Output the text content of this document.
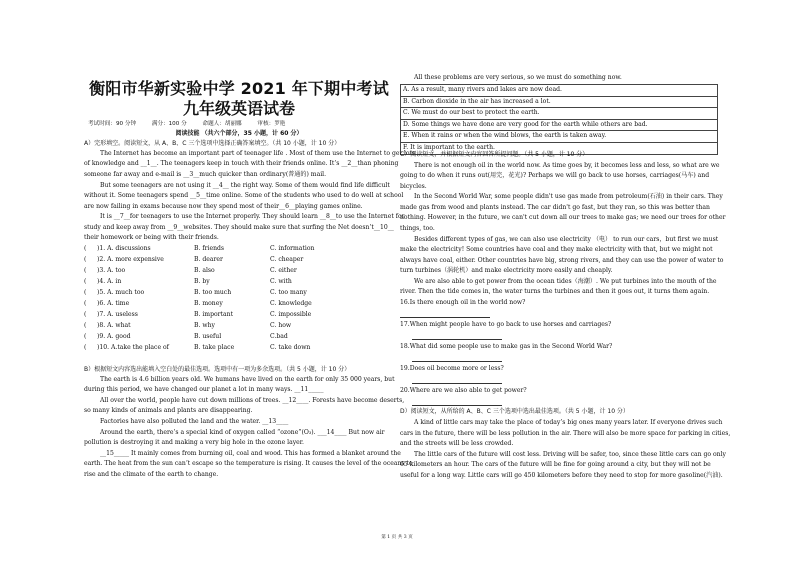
衡阳市华新实验中学 2021 年下期中考试
九年级英语试卷
考试时间：90 分钟	满分：100 分	命题人：胡丽娜	审核：罗艳
阅读技能 （共六个部分，35 小题，计 60 分）
A）完形填空。阅读短文，从 A、B、C 三个选项中选择正确答案填空。（共 10 小题，计 10 分）
The Internet has become an important part of teenager life . Most of them use the Internet to get lots
of knowledge and __1__. The teenagers keep in touch with their friends online. It’s __2__than phoning
someone far away and e-mail is __3__much quicker than ordinary(普通的) mail.
But some teenagers are not using it __4__ the right way. Some of them would find life difficult
without it. Some teenagers spend __5__time online. Some of the students who used to do well at school
are now failing in exams because now they spend most of their__6__playing games online.
It is __7__for teenagers to use the Internet properly. They should learn __8__to use the Internet for
study and keep away from __9__websites. They should make sure that surfing the Net doesn’t__10__
their homework or being with their friends.
( )1. A. discussions	B. friends	C. information
( )2. A. more expensive	B. dearer	C. cheaper
( )3. A. too	B. also	C. either
( )4. A. in	B. by	C. with
( )5. A. much too	B. too much	C. too many
( )6. A. time	B. money	C. knowledge
( )7. A. useless	B. important	C. impossible
( )8. A. what	B. why	C. how
( )9. A. good	B. useful	C.bad
( )10. A.take the place of	B. take place	C. take down
B）根据短文内容选出能填入空白处的最佳选项。选项中有一项为多余选项。（共 5 小题，计 10 分）
The earth is 4.6 billion years old. We humans have lived on the earth for only 35 000 years, but
during this period, we have changed our planet a lot in many ways. __11_____
All over the world, people have cut down millions of trees. __12____. Forests have become deserts,
so many kinds of animals and plants are disappearing.
Factories have also polluted the land and the water. __13____
Around the earth, there’s a special kind of oxygen called “ozone”(O₃). ___14____ But now air
pollution is destroying it and making a very big hole in the ozone layer.
__15_____ It mainly comes from burning oil, coal and wood. This has formed a blanket around the
earth. The heat from the sun can’t escape so the temperature is rising. It causes the level of the oceans to
rise and the climate of the earth to change.
All these problems are very serious, so we must do something now.
A. As a result, many rivers and lakes are now dead.
B. Carbon dioxide in the air has increased a lot.
C. We must do our best to protect the earth.
D. Some things we have done are very good for the earth while others are bad.
E. When it rains or when the wind blows, the earth is taken away.
F. It is important to the earth.
C）阅读短文，并根据短文内容回答所提问题。（共 5 小题，计 10 分）
There is not enough oil in the world now. As time goes by, it becomes less and less, so what are we
going to do when it runs out(用完，花光)? Perhaps we will go back to use horses, carriages(马车) and
bicycles.
In the Second World War, some people didn't use gas made from petroleum(石油) in their cars. They
made gas from wood and plants instead. The car didn't go fast, but they ran, so this was better than
nothing. However, in the future, we can't cut down all our trees to make gas; we need our trees for other
things, too.
Besides different types of gas, we can also use electricity （电） to run our cars，but first we must
make the electricity! Some countries have coal and they make electricity with that, but we might not
always have coal, either. Other countries have big, strong rivers, and they can use the power of water to
turn turbines（涡轮机）and make electricity more easily and cheaply.
We are also able to get power from the ocean tides（海潮）. We put turbines into the mouth of the
river. Then the tide comes in, the water turns the turbines and then it goes out, it turns them again.
16.Is there enough oil in the world now?
17.When might people have to go back to use horses and carriages?
18.What did some people use to make gas in the Second World War?
19.Does oil become more or less?
20.Where are we also able to get power?
D）阅读短文，从所给的 A、B、C 三个选项中选出最佳选项。（共 5 小题，计 10 分）
A kind of little cars may take the place of today’s big ones many years later. If everyone drives such
cars in the future, there will be less pollution in the air. There will also be more space for parking in cities,
and the streets will be less crowded.
The little cars of the future will cost less. Driving will be safer, too, since these little cars can go only
65 kilometers an hour. The cars of the future will be fine for going around a city, but they will not be
useful for a long way. Little cars will go 450 kilometers before they need to stop for more gasoline(汽油).
第 1 页 共 3 页
